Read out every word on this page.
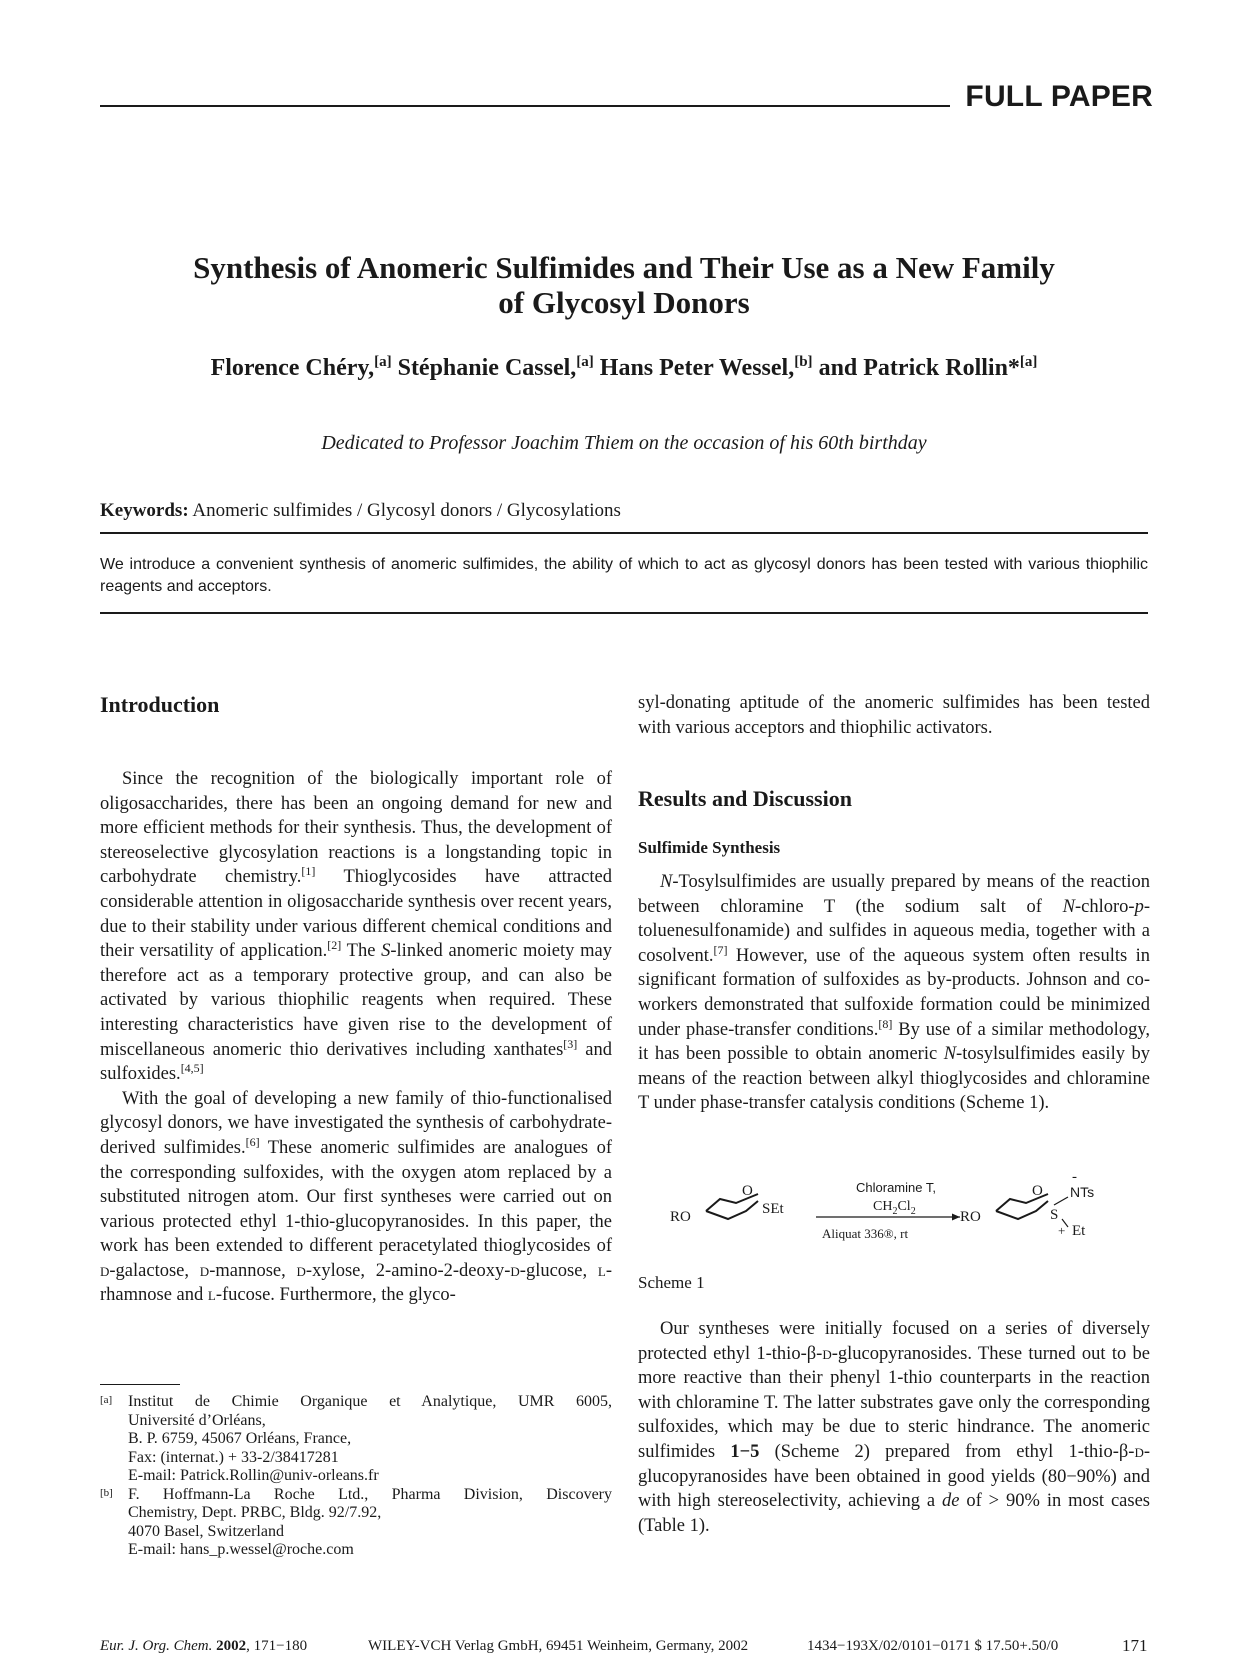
FULL PAPER
Synthesis of Anomeric Sulfimides and Their Use as a New Family
of Glycosyl Donors
Florence Chéry,[a] Stéphanie Cassel,[a] Hans Peter Wessel,[b] and Patrick Rollin*[a]
Dedicated to Professor Joachim Thiem on the occasion of his 60th birthday
Keywords: Anomeric sulfimides / Glycosyl donors / Glycosylations
We introduce a convenient synthesis of anomeric sulfimides, the ability of which to act as glycosyl donors has been tested with various thiophilic reagents and acceptors.
Introduction

Since the recognition of the biologically important role of oligosaccharides, there has been an ongoing demand for new and more efficient methods for their synthesis. Thus, the development of stereoselective glycosylation reactions is a longstanding topic in carbohydrate chemistry.[1] Thioglycosides have attracted considerable attention in oligosaccharide synthesis over recent years, due to their stability under various different chemical conditions and their versatility of application.[2] The S-linked anomeric moiety may therefore act as a temporary protective group, and can also be activated by various thiophilic reagents when required. These interesting characteristics have given rise to the development of miscellaneous anomeric thio derivatives including xanthates[3] and sulfoxides.[4,5]

With the goal of developing a new family of thio-functionalised glycosyl donors, we have investigated the synthesis of carbohydrate-derived sulfimides.[6] These anomeric sulfimides are analogues of the corresponding sulfoxides, with the oxygen atom replaced by a substituted nitrogen atom. Our first syntheses were carried out on various protected ethyl 1-thio-glucopyranosides. In this paper, the work has been extended to different peracetylated thioglycosides of d-galactose, d-mannose, d-xylose, 2-amino-2-deoxy-d-glucose, l-rhamnose and l-fucose. Furthermore, the glyco-

[a] Institut de Chimie Organique et Analytique, UMR 6005,
Université d’Orléans,
B. P. 6759, 45067 Orléans, France,
Fax: (internat.) + 33-2/38417281
E-mail: Patrick.Rollin@univ-orleans.fr
[b] F. Hoffmann-La Roche Ltd., Pharma Division, Discovery
Chemistry, Dept. PRBC, Bldg. 92/7.92,
4070 Basel, Switzerland
E-mail: hans_p.wessel@roche.com

syl-donating aptitude of the anomeric sulfimides has been tested with various acceptors and thiophilic activators.

Results and Discussion
Sulfimide Synthesis

N-Tosylsulfimides are usually prepared by means of the reaction between chloramine T (the sodium salt of N-chloro-p-toluenesulfonamide) and sulfides in aqueous media, together with a cosolvent.[7] However, use of the aqueous system often results in significant formation of sulfoxides as by-products. Johnson and co-workers demonstrated that sulfoxide formation could be minimized under phase-transfer conditions.[8] By use of a similar methodology, it has been possible to obtain anomeric N-tosylsulfimides easily by means of the reaction between alkyl thioglycosides and chloramine T under phase-transfer catalysis conditions (Scheme 1).

RO
O
SEt
Chloramine T,
$CH_2Cl_2$
Aliquat 336®, rt
RO
O
S
-
NTs
+ Et
Scheme 1

Our syntheses were initially focused on a series of diversely protected ethyl 1-thio-β-d-glucopyranosides. These turned out to be more reactive than their phenyl 1-thio counterparts in the reaction with chloramine T. The latter substrates gave only the corresponding sulfoxides, which may be due to steric hindrance. The anomeric sulfimides 1−5 (Scheme 2) prepared from ethyl 1-thio-β-d-glucopyranosides have been obtained in good yields (80−90%) and with high stereoselectivity, achieving a de of > 90% in most cases (Table 1).

Eur. J. Org. Chem. 2002, 171−180	WILEY-VCH Verlag GmbH, 69451 Weinheim, Germany, 2002	1434−193X/02/0101−0171 $ 17.50+.50/0	171
